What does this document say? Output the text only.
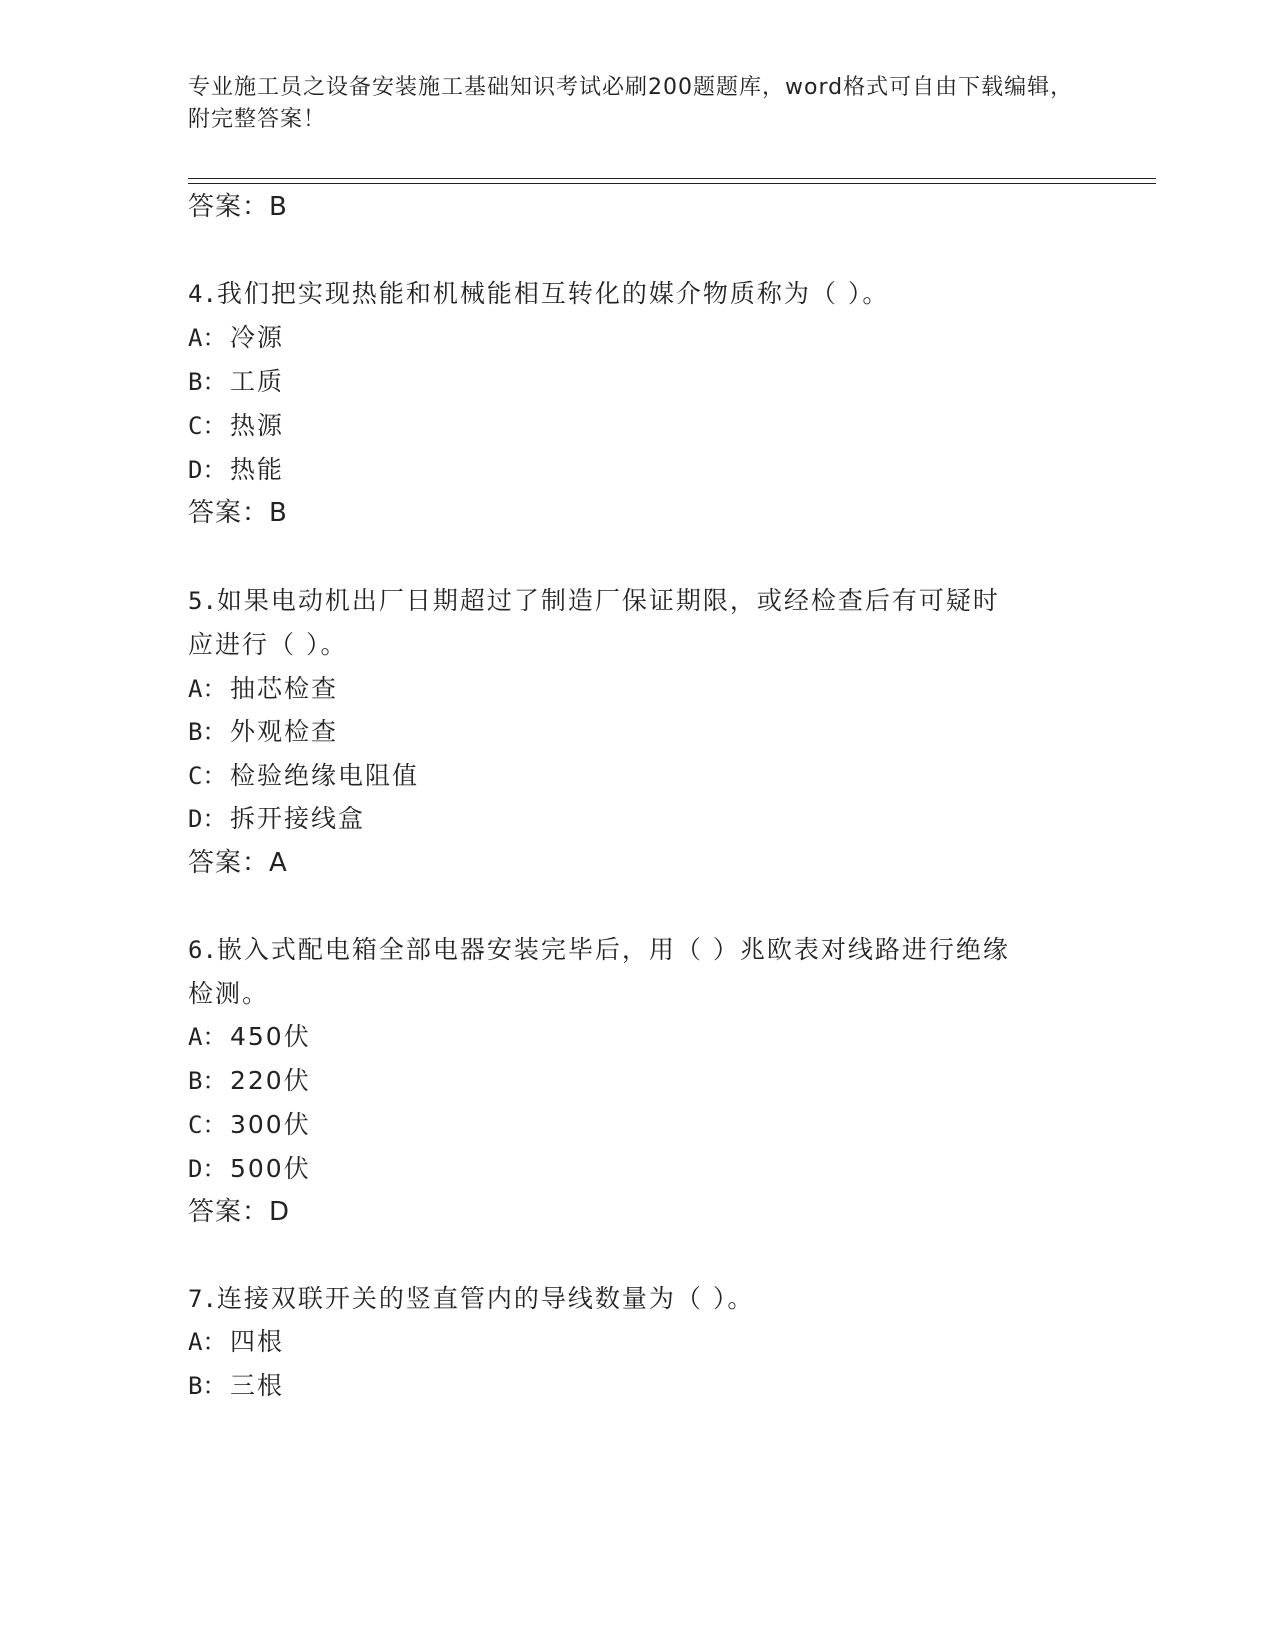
专业施工员之设备安装施工基础知识考试必刷200题题库，word格式可自由下载编辑，附完整答案！
答案：B
4.我们把实现热能和机械能相互转化的媒介物质称为（ ）。
A： 冷源
B： 工质
C： 热源
D： 热能
答案：B
5.如果电动机出厂日期超过了制造厂保证期限，或经检查后有可疑时
应进行（ ）。
A： 抽芯检查
B： 外观检查
C： 检验绝缘电阻值
D： 拆开接线盒
答案：A
6.嵌入式配电箱全部电器安装完毕后，用（ ）兆欧表对线路进行绝缘
检测。
A： 450伏
B： 220伏
C： 300伏
D： 500伏
答案：D
7.连接双联开关的竖直管内的导线数量为（ ）。
A： 四根
B： 三根
